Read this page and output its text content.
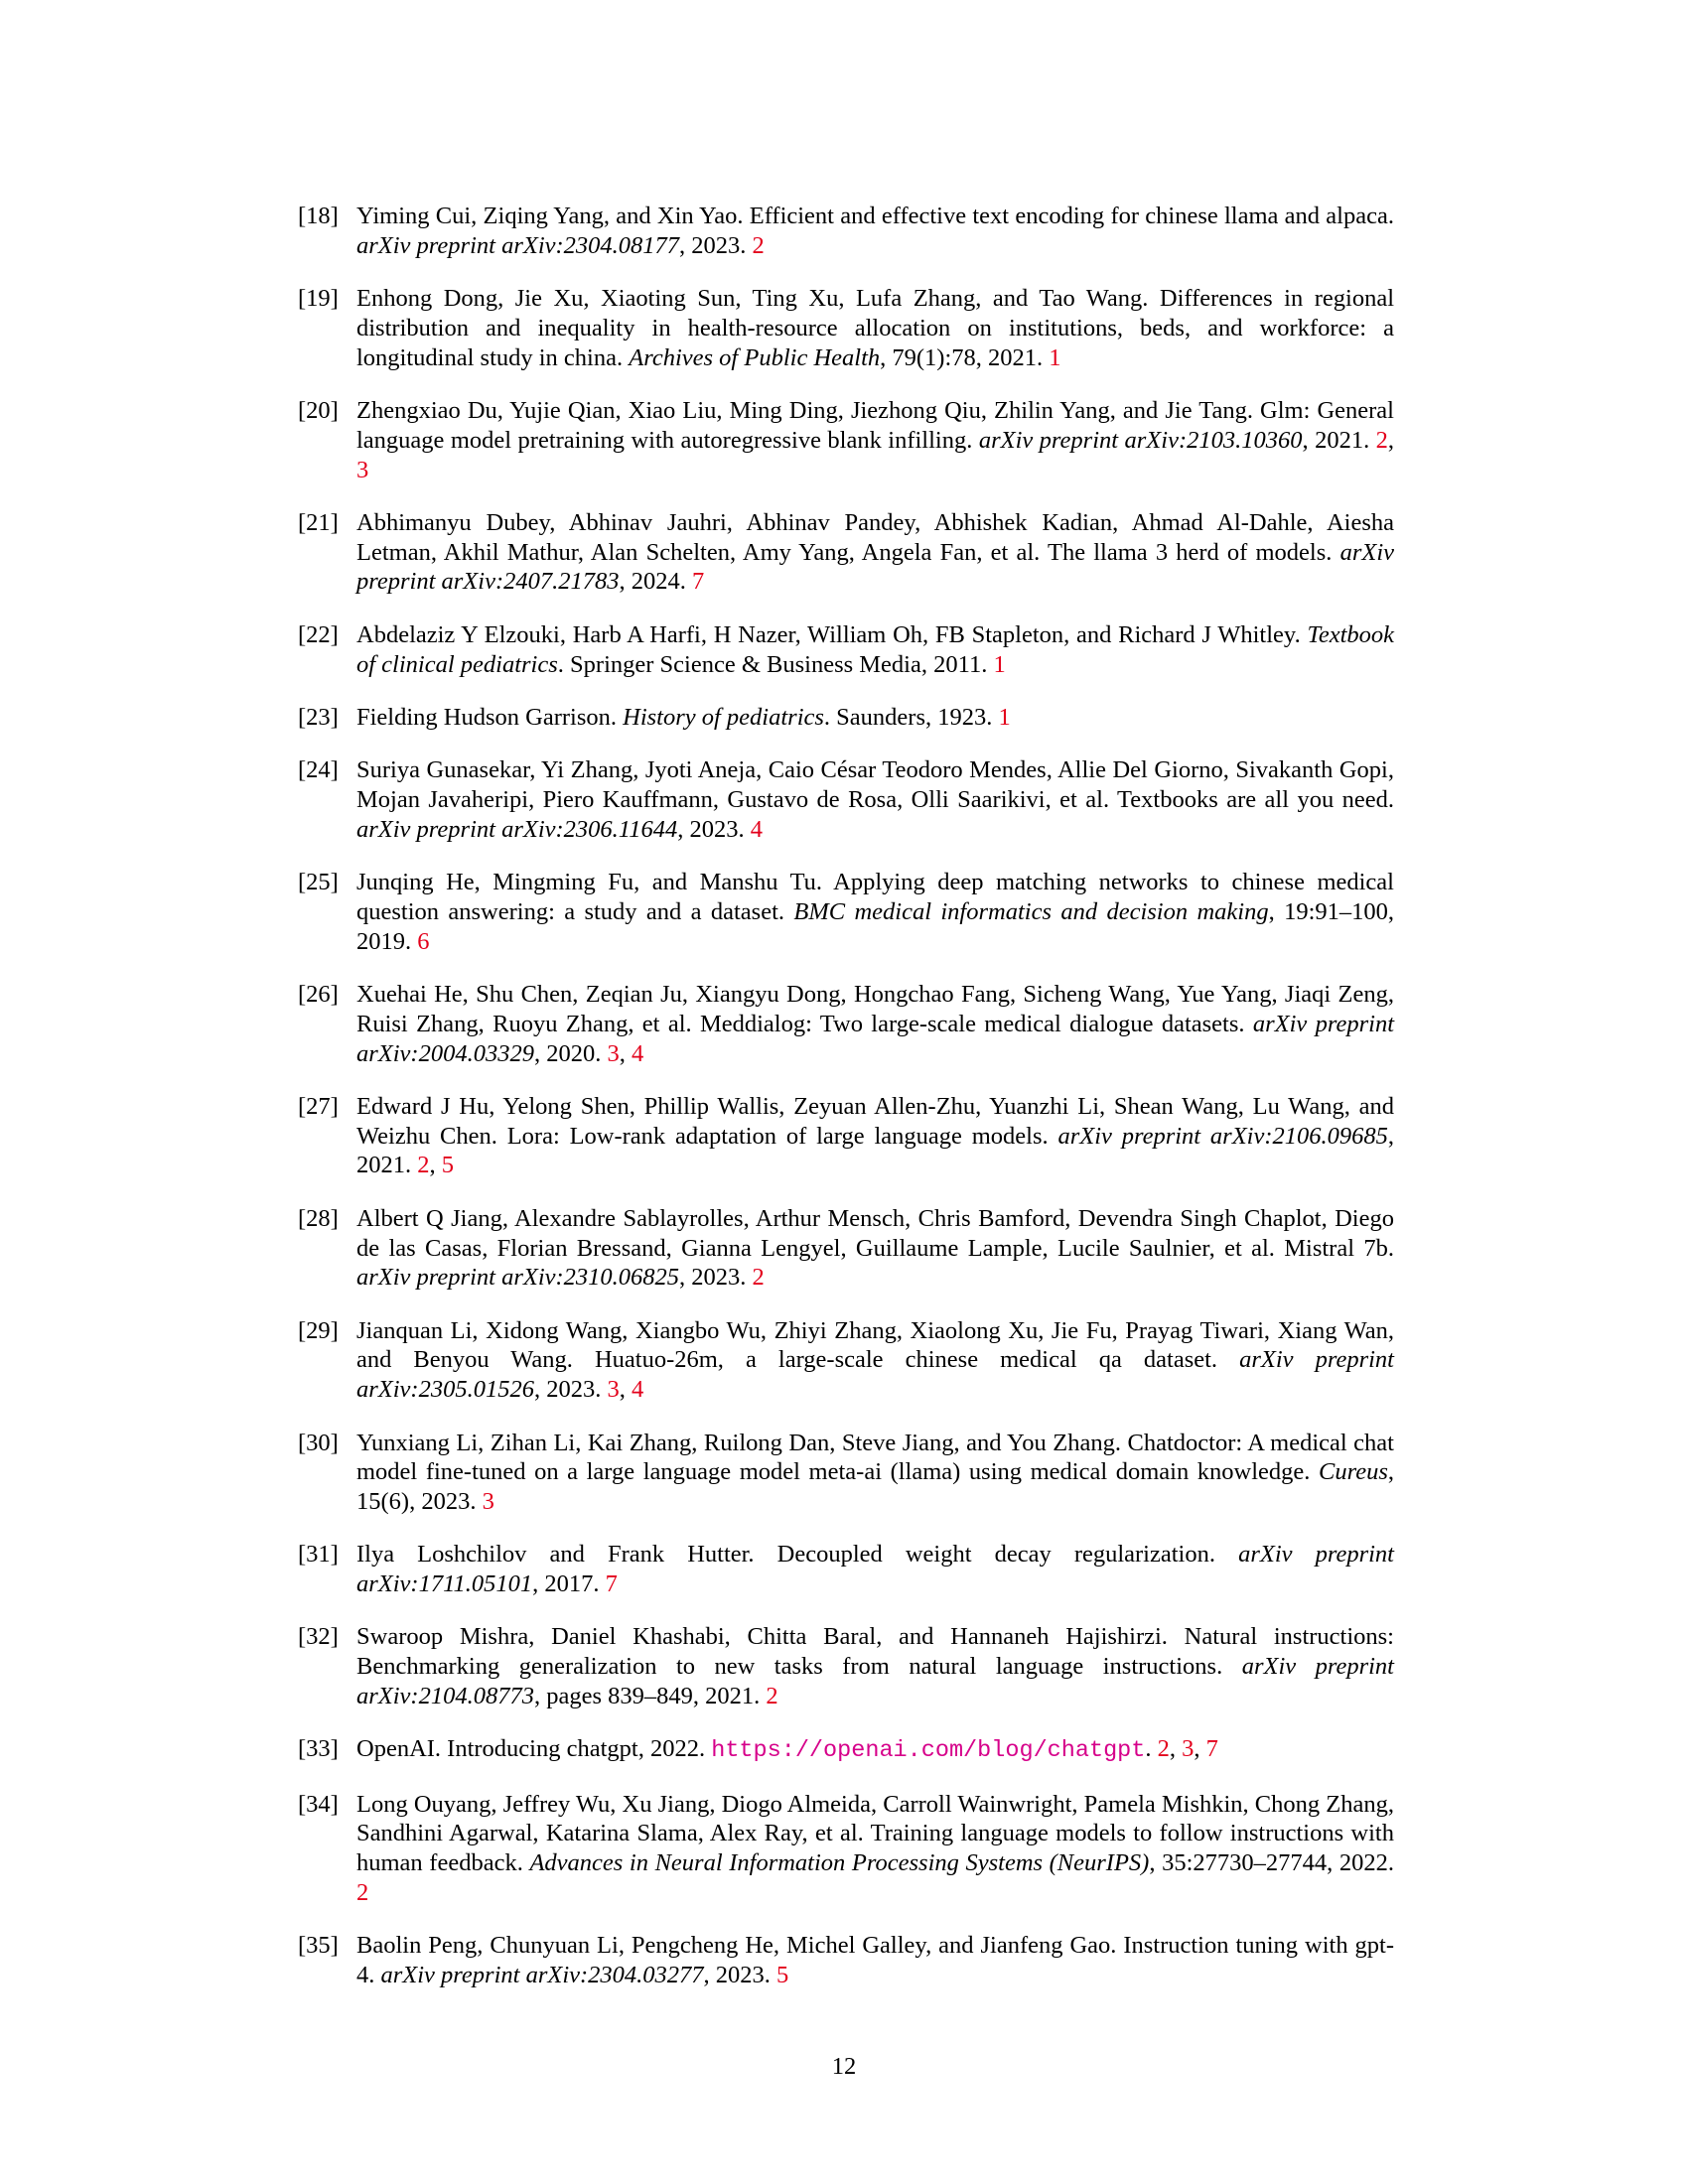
[18] Yiming Cui, Ziqing Yang, and Xin Yao. Efficient and effective text encoding for chinese llama and alpaca. arXiv preprint arXiv:2304.08177, 2023. 2
[19] Enhong Dong, Jie Xu, Xiaoting Sun, Ting Xu, Lufa Zhang, and Tao Wang. Differences in regional distribution and inequality in health-resource allocation on institutions, beds, and workforce: a longitudinal study in china. Archives of Public Health, 79(1):78, 2021. 1
[20] Zhengxiao Du, Yujie Qian, Xiao Liu, Ming Ding, Jiezhong Qiu, Zhilin Yang, and Jie Tang. Glm: General language model pretraining with autoregressive blank infilling. arXiv preprint arXiv:2103.10360, 2021. 2, 3
[21] Abhimanyu Dubey, Abhinav Jauhri, Abhinav Pandey, Abhishek Kadian, Ahmad Al-Dahle, Aiesha Letman, Akhil Mathur, Alan Schelten, Amy Yang, Angela Fan, et al. The llama 3 herd of models. arXiv preprint arXiv:2407.21783, 2024. 7
[22] Abdelaziz Y Elzouki, Harb A Harfi, H Nazer, William Oh, FB Stapleton, and Richard J Whitley. Textbook of clinical pediatrics. Springer Science & Business Media, 2011. 1
[23] Fielding Hudson Garrison. History of pediatrics. Saunders, 1923. 1
[24] Suriya Gunasekar, Yi Zhang, Jyoti Aneja, Caio César Teodoro Mendes, Allie Del Giorno, Sivakanth Gopi, Mojan Javaheripi, Piero Kauffmann, Gustavo de Rosa, Olli Saarikivi, et al. Textbooks are all you need. arXiv preprint arXiv:2306.11644, 2023. 4
[25] Junqing He, Mingming Fu, and Manshu Tu. Applying deep matching networks to chinese medical question answering: a study and a dataset. BMC medical informatics and decision making, 19:91–100, 2019. 6
[26] Xuehai He, Shu Chen, Zeqian Ju, Xiangyu Dong, Hongchao Fang, Sicheng Wang, Yue Yang, Jiaqi Zeng, Ruisi Zhang, Ruoyu Zhang, et al. Meddialog: Two large-scale medical dialogue datasets. arXiv preprint arXiv:2004.03329, 2020. 3, 4
[27] Edward J Hu, Yelong Shen, Phillip Wallis, Zeyuan Allen-Zhu, Yuanzhi Li, Shean Wang, Lu Wang, and Weizhu Chen. Lora: Low-rank adaptation of large language models. arXiv preprint arXiv:2106.09685, 2021. 2, 5
[28] Albert Q Jiang, Alexandre Sablayrolles, Arthur Mensch, Chris Bamford, Devendra Singh Chaplot, Diego de las Casas, Florian Bressand, Gianna Lengyel, Guillaume Lample, Lucile Saulnier, et al. Mistral 7b. arXiv preprint arXiv:2310.06825, 2023. 2
[29] Jianquan Li, Xidong Wang, Xiangbo Wu, Zhiyi Zhang, Xiaolong Xu, Jie Fu, Prayag Tiwari, Xiang Wan, and Benyou Wang. Huatuo-26m, a large-scale chinese medical qa dataset. arXiv preprint arXiv:2305.01526, 2023. 3, 4
[30] Yunxiang Li, Zihan Li, Kai Zhang, Ruilong Dan, Steve Jiang, and You Zhang. Chatdoctor: A medical chat model fine-tuned on a large language model meta-ai (llama) using medical domain knowledge. Cureus, 15(6), 2023. 3
[31] Ilya Loshchilov and Frank Hutter. Decoupled weight decay regularization. arXiv preprint arXiv:1711.05101, 2017. 7
[32] Swaroop Mishra, Daniel Khashabi, Chitta Baral, and Hannaneh Hajishirzi. Natural instructions: Benchmarking generalization to new tasks from natural language instructions. arXiv preprint arXiv:2104.08773, pages 839–849, 2021. 2
[33] OpenAI. Introducing chatgpt, 2022. https://openai.com/blog/chatgpt. 2, 3, 7
[34] Long Ouyang, Jeffrey Wu, Xu Jiang, Diogo Almeida, Carroll Wainwright, Pamela Mishkin, Chong Zhang, Sandhini Agarwal, Katarina Slama, Alex Ray, et al. Training language models to follow instructions with human feedback. Advances in Neural Information Processing Systems (NeurIPS), 35:27730–27744, 2022. 2
[35] Baolin Peng, Chunyuan Li, Pengcheng He, Michel Galley, and Jianfeng Gao. Instruction tuning with gpt-4. arXiv preprint arXiv:2304.03277, 2023. 5
12
